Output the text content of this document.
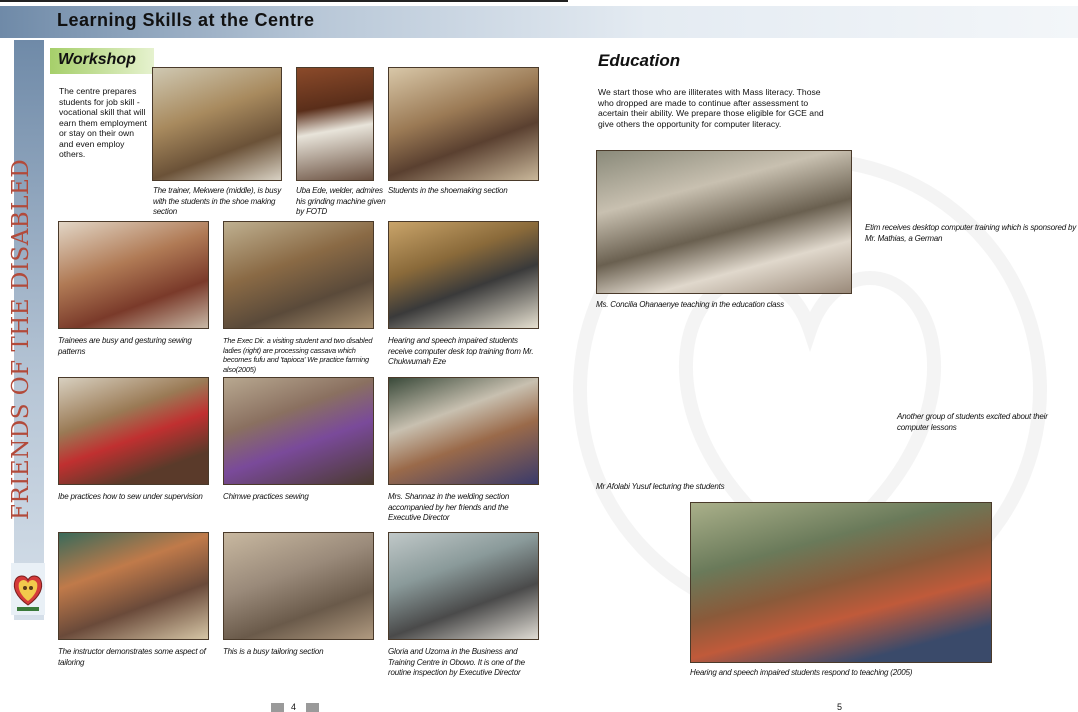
Learning Skills at the Centre
FRIENDS OF THE DISABLED
Workshop
The centre prepares students for job skill - vocational skill that will earn them employment or stay on their own and even employ others.
The trainer, Mekwere (middle), is busy with the students in the shoe making section
Uba Ede, welder, admires his grinding machine given by FOTD
Students in the shoemaking section
Trainees are busy and gesturing sewing patterns
The Exec Dir. a visiting student and two disabled ladies (right) are processing cassava which becomes fufu and 'tapioca' We practice farming also(2005)
Hearing and speech impaired students receive computer desk top training from Mr. Chukwumah Eze
Ibe practices how to sew under supervision	Chimwe practices sewing	Mrs. Shannaz in the welding section accompanied by her friends and the Executive Director
The instructor demonstrates some aspect of tailoring
This is a busy tailoring section	Gloria and Uzoma in the Business and Training Centre in Obowo. It is one of the routine inspection by Executive Director
Education
We start those who are illiterates with Mass literacy. Those who dropped are made to continue after assessment to acertain their ability. We prepare those eligible for GCE and give others the opportunity for computer literacy.
Ms. Concilia Ohanaenye teaching in the education class
Etim receives desktop computer training which is sponsored by Mr. Mathias, a German
Another group of students excited about their computer lessons
Mr Afolabi Yusuf lecturing the students
Hearing and speech impaired students respond to teaching (2005)
4	5
